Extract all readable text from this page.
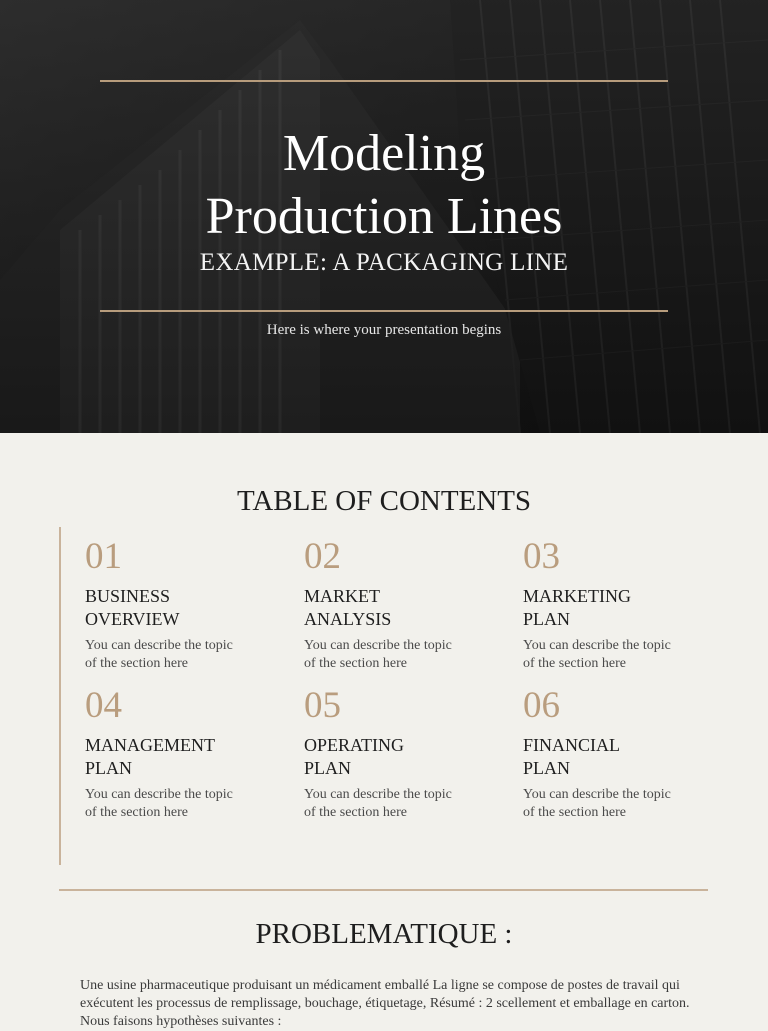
Modeling
Production Lines
EXAMPLE: A PACKAGING LINE
Here is where your presentation begins
TABLE OF CONTENTS
01
BUSINESS
OVERVIEW
You can describe the topic
of the section here
02
MARKET
ANALYSIS
You can describe the topic
of the section here
03
MARKETING
PLAN
You can describe the topic
of the section here
04
MANAGEMENT
PLAN
You can describe the topic
of the section here
05
OPERATING
PLAN
You can describe the topic
of the section here
06
FINANCIAL
PLAN
You can describe the topic
of the section here
PROBLEMATIQUE :

Une usine pharmaceutique produisant un médicament emballé La ligne se compose de postes de travail qui exécutent les processus de remplissage, bouchage, étiquetage, Résumé : 2 scellement et emballage en carton. Nous faisons hypothèses suivantes :
